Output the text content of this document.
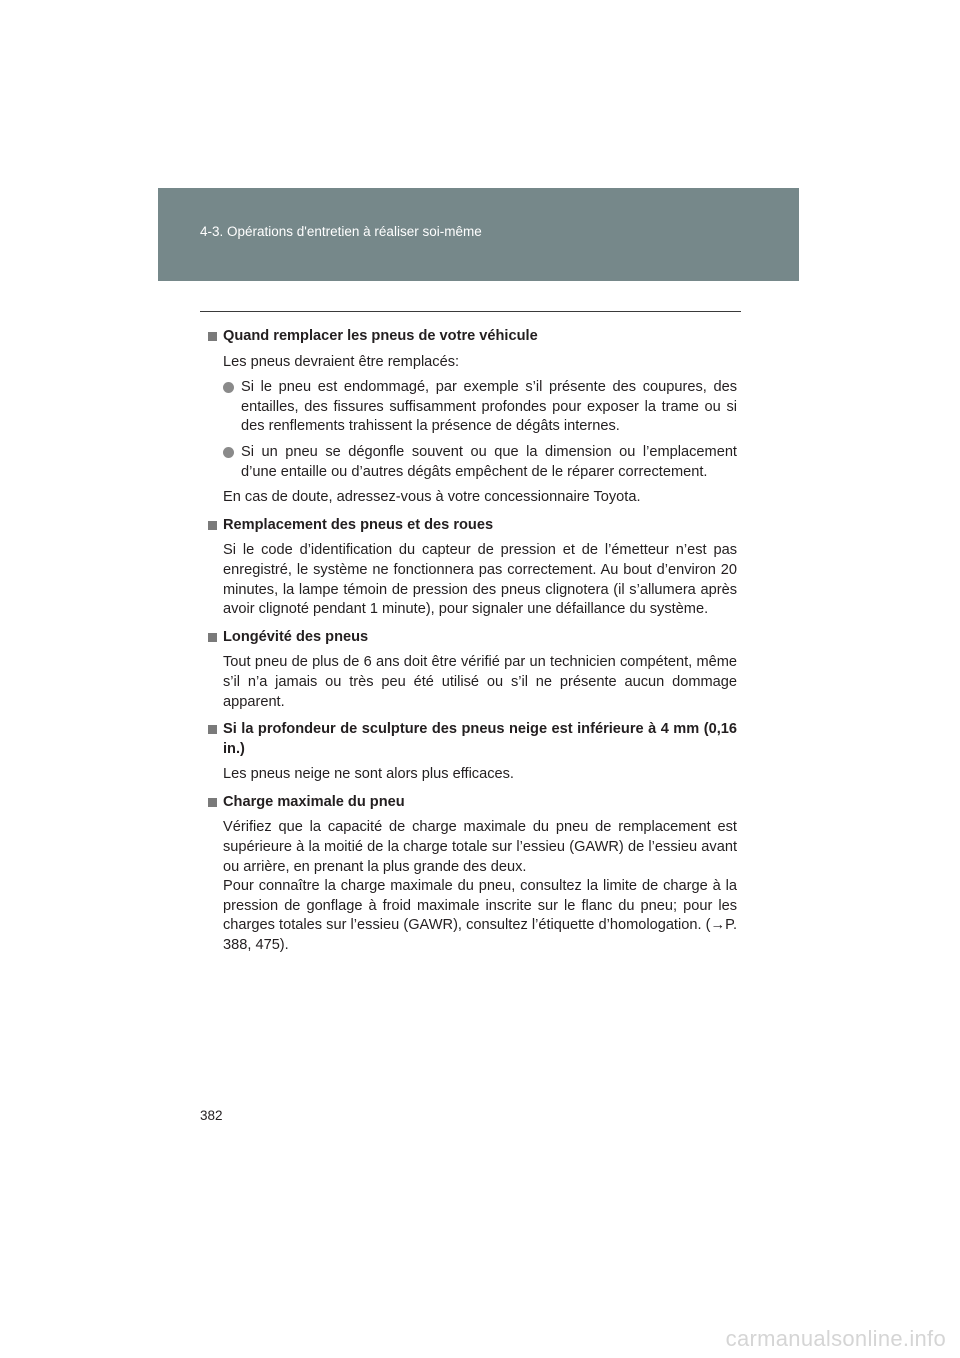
4-3. Opérations d'entretien à réaliser soi-même
Quand remplacer les pneus de votre véhicule
Les pneus devraient être remplacés:
Si le pneu est endommagé, par exemple s’il présente des coupures, des entailles, des fissures suffisamment profondes pour exposer la trame ou si des renflements trahissent la présence de dégâts internes.
Si un pneu se dégonfle souvent ou que la dimension ou l’emplacement d’une entaille ou d’autres dégâts empêchent de le réparer correctement.
En cas de doute, adressez-vous à votre concessionnaire Toyota.
Remplacement des pneus et des roues
Si le code d’identification du capteur de pression et de l’émetteur n’est pas enregistré, le système ne fonctionnera pas correctement. Au bout d’environ 20 minutes, la lampe témoin de pression des pneus clignotera (il s’allumera après avoir clignoté pendant 1 minute), pour signaler une défaillance du système.
Longévité des pneus
Tout pneu de plus de 6 ans doit être vérifié par un technicien compétent, même s’il n’a jamais ou très peu été utilisé ou s’il ne présente aucun dommage apparent.
Si la profondeur de sculpture des pneus neige est inférieure à 4 mm (0,16 in.)
Les pneus neige ne sont alors plus efficaces.
Charge maximale du pneu
Vérifiez que la capacité de charge maximale du pneu de remplacement est supérieure à la moitié de la charge totale sur l’essieu (GAWR) de l’essieu avant ou arrière, en prenant la plus grande des deux.
Pour connaître la charge maximale du pneu, consultez la limite de charge à la pression de gonflage à froid maximale inscrite sur le flanc du pneu; pour les charges totales sur l’essieu (GAWR), consultez l’étiquette d’homologation. (→P. 388, 475).
382
carmanualsonline.info
